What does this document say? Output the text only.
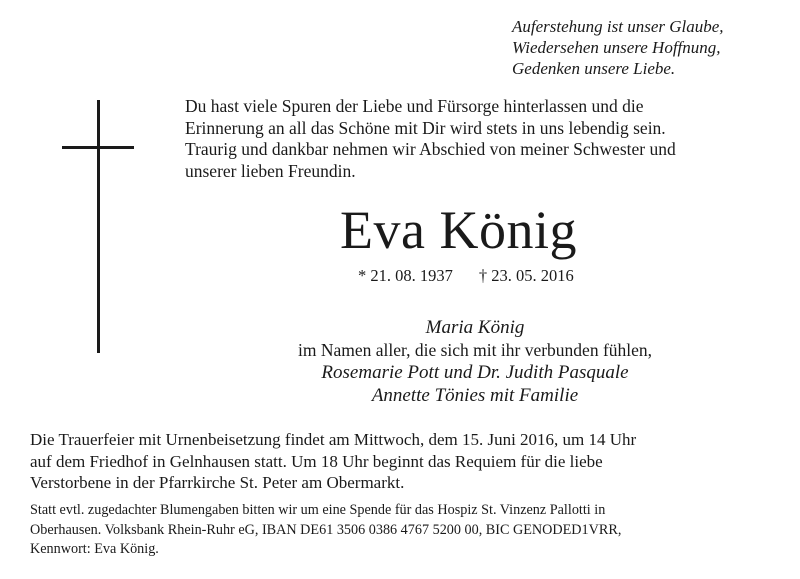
Auferstehung ist unser Glaube,
Wiedersehen unsere Hoffnung,
Gedenken unsere Liebe.
Du hast viele Spuren der Liebe und Fürsorge hinterlassen und die
Erinnerung an all das Schöne mit Dir wird stets in uns lebendig sein.
Traurig und dankbar nehmen wir Abschied von meiner Schwester und
unserer lieben Freundin.
Eva König
* 21. 08. 1937 † 23. 05. 2016
Maria König
im Namen aller, die sich mit ihr verbunden fühlen,
Rosemarie Pott und Dr. Judith Pasquale
Annette Tönies mit Familie
Die Trauerfeier mit Urnenbeisetzung findet am Mittwoch, dem 15. Juni 2016, um 14 Uhr
auf dem Friedhof in Gelnhausen statt. Um 18 Uhr beginnt das Requiem für die liebe
Verstorbene in der Pfarrkirche St. Peter am Obermarkt.
Statt evtl. zugedachter Blumengaben bitten wir um eine Spende für das Hospiz St. Vinzenz Pallotti in
Oberhausen. Volksbank Rhein-Ruhr eG, IBAN DE61 3506 0386 4767 5200 00, BIC GENODED1VRR,
Kennwort: Eva König.
